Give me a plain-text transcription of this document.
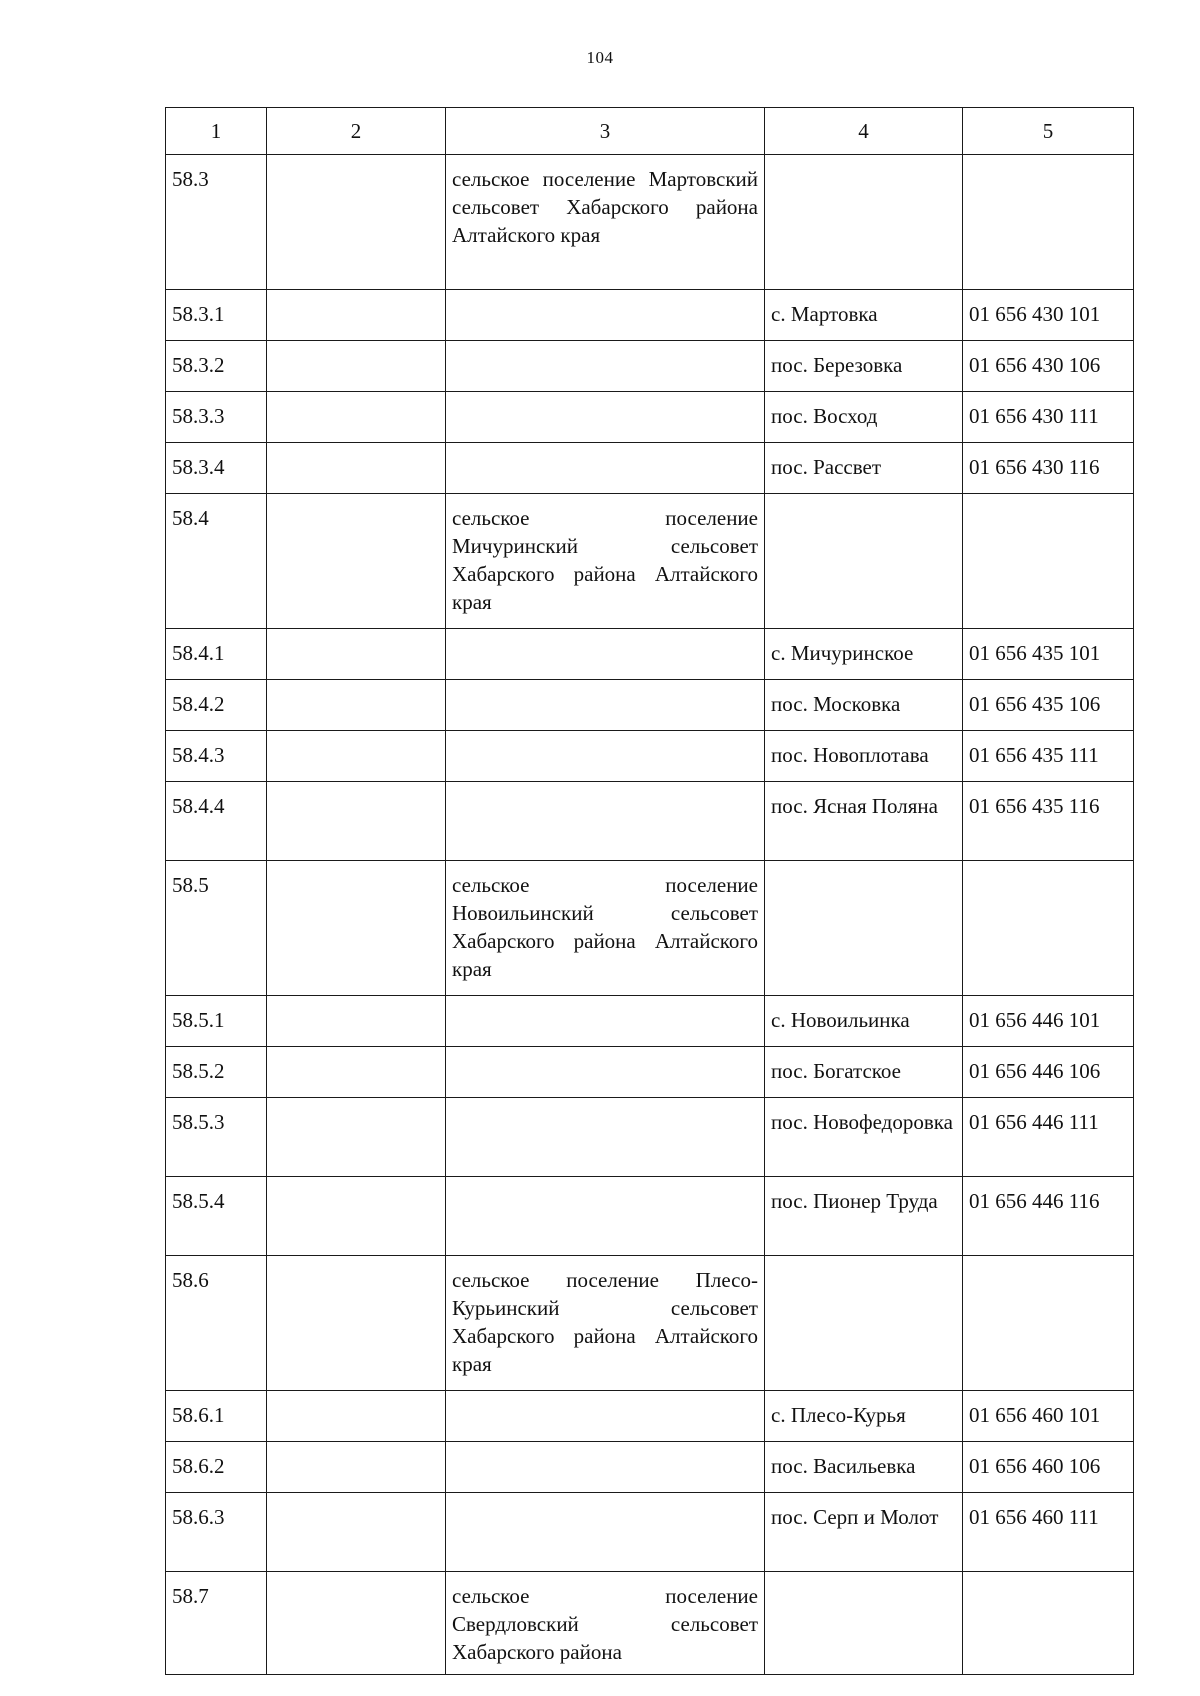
104
1	2	3	4	5
58.3		сельское поселение Мартовский сельсовет Хабарского района Алтайского края		
58.3.1			с. Мартовка	01 656 430 101
58.3.2			пос. Березовка	01 656 430 106
58.3.3			пос. Восход	01 656 430 111
58.3.4			пос. Рассвет	01 656 430 116
58.4		сельское поселение Мичуринский сельсовет Хабарского района Алтайского края		
58.4.1			с. Мичуринское	01 656 435 101
58.4.2			пос. Московка	01 656 435 106
58.4.3			пос. Новоплотава	01 656 435 111
58.4.4			пос. Ясная Поляна	01 656 435 116
58.5		сельское поселение Новоильинский сельсовет Хабарского района Алтайского края		
58.5.1			с. Новоильинка	01 656 446 101
58.5.2			пос. Богатское	01 656 446 106
58.5.3			пос. Новофедоровка	01 656 446 111
58.5.4			пос. Пионер Труда	01 656 446 116
58.6		сельское поселение Плесо-Курьинский сельсовет Хабарского района Алтайского края		
58.6.1			с. Плесо-Курья	01 656 460 101
58.6.2			пос. Васильевка	01 656 460 106
58.6.3			пос. Серп и Молот	01 656 460 111
58.7		сельское поселение Свердловский сельсовет Хабарского района		
